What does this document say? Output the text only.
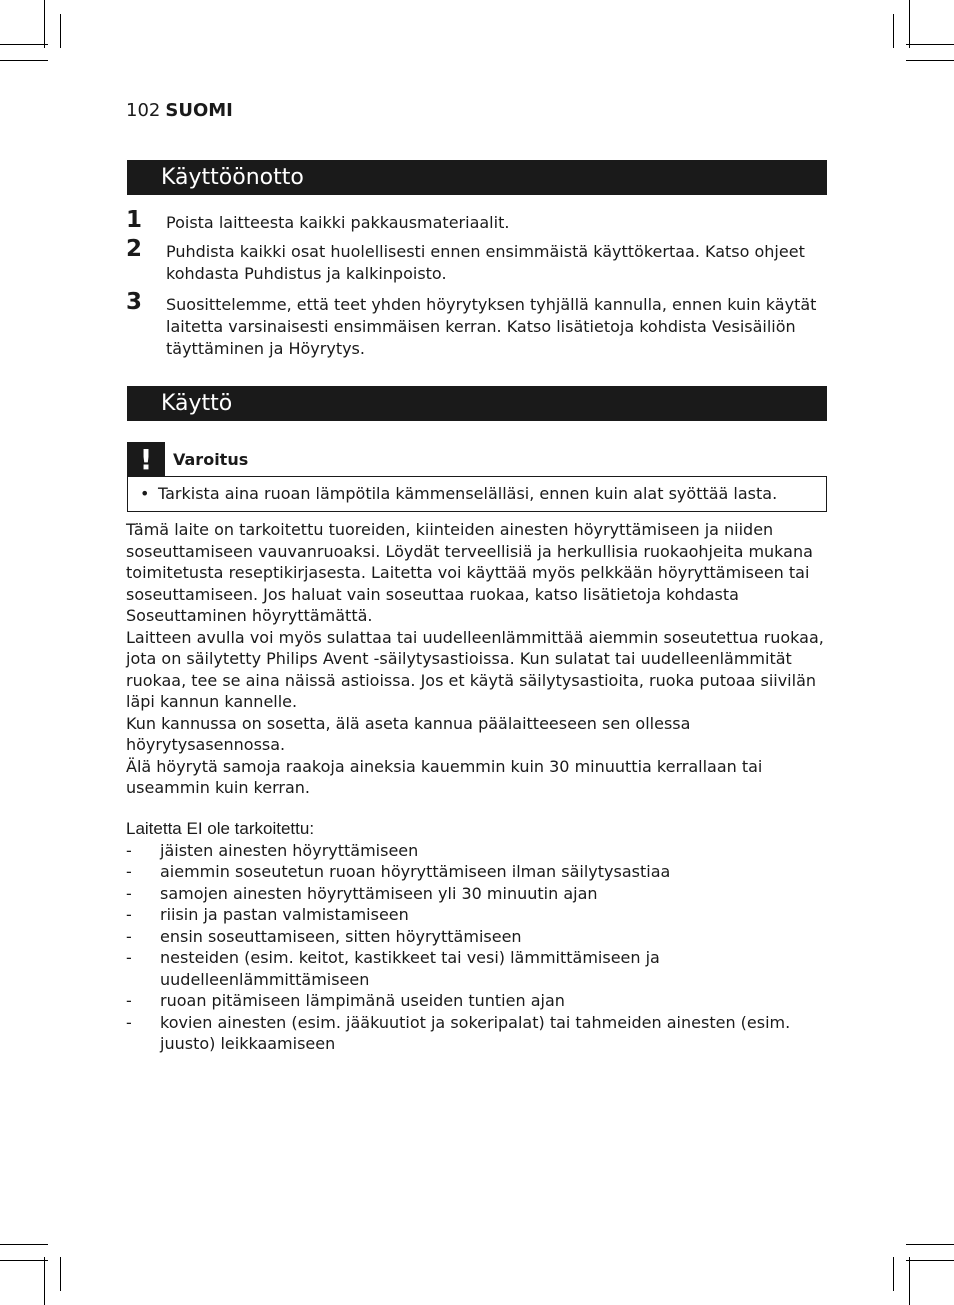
102 SUOMI
Käyttöönotto
1	Poista laitteesta kaikki pakkausmateriaalit.
2	Puhdista kaikki osat huolellisesti ennen ensimmäistä käyttökertaa. Katso ohjeet kohdasta Puhdistus ja kalkinpoisto.
3	Suosittelemme, että teet yhden höyrytyksen tyhjällä kannulla, ennen kuin käytät laitetta varsinaisesti ensimmäisen kerran. Katso lisätietoja kohdista Vesisäiliön täyttäminen ja Höyrytys.
Käyttö
!	Varoitus
• Tarkista aina ruoan lämpötila kämmenselälläsi, ennen kuin alat syöttää lasta.

Tämä laite on tarkoitettu tuoreiden, kiinteiden ainesten höyryttämiseen ja niiden soseuttamiseen vauvanruoaksi. Löydät terveellisiä ja herkullisia ruokaohjeita mukana toimitetusta reseptikirjasesta. Laitetta voi käyttää myös pelkkään höyryttämiseen tai soseuttamiseen. Jos haluat vain soseuttaa ruokaa, katso lisätietoja kohdasta Soseuttaminen höyryttämättä.

Laitteen avulla voi myös sulattaa tai uudelleenlämmittää aiemmin soseutettua ruokaa, jota on säilytetty Philips Avent -säilytysastioissa. Kun sulatat tai uudelleenlämmität ruokaa, tee se aina näissä astioissa. Jos et käytä säilytysastioita, ruoka putoaa siivilän läpi kannun kannelle.

Kun kannussa on sosetta, älä aseta kannua päälaitteeseen sen ollessa höyrytysasennossa.

Älä höyrytä samoja raakoja aineksia kauemmin kuin 30 minuuttia kerrallaan tai useammin kuin kerran.

Laitetta EI ole tarkoitettu:
-	jäisten ainesten höyryttämiseen
-	aiemmin soseutetun ruoan höyryttämiseen ilman säilytysastiaa
-	samojen ainesten höyryttämiseen yli 30 minuutin ajan
-	riisin ja pastan valmistamiseen
-	ensin soseuttamiseen, sitten höyryttämiseen
-	nesteiden (esim. keitot, kastikkeet tai vesi) lämmittämiseen ja uudelleenlämmittämiseen
-	ruoan pitämiseen lämpimänä useiden tuntien ajan
-	kovien ainesten (esim. jääkuutiot ja sokeripalat) tai tahmeiden ainesten (esim. juusto) leikkaamiseen
